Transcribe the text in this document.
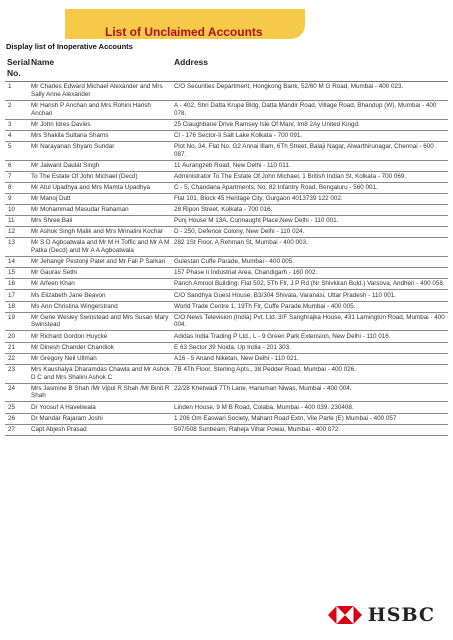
List of Unclaimed Accounts

Display list of Inoperative Accounts

Serial No.	Name	Address
1	Mr Charles Edward Michael Alexander and Mrs Sally Anne Alexander	C/O Securities Department, Hongkong Bank, 52/60 M G Road, Mumbai - 400 023.
2	Mr Harish P Anchan and Mrs Rohini Harish Anchan	A - 402, Shri Datta Krupa Bldg, Datta Mandir Road, Village Road, Bhandup (W), Mumbai - 400 078.
3	Mr John Idres Davies	25 Claughbane Drive Ramsey Isle Of Man/, Im8 2Ay United Kingd.
4	Mrs Shakila Sultana Shams	Cl - 176 Sector-Ii Salt Lake Kolkata - 700 091.
5	Mr Narayanan Shyam Sundar	Plot No. 34, Flat No. G2 Annai Illam, 6Th Street, Balaji Nagar, Alwarthirunagar, Chennai - 600 087.
6	Mr Jaiwant Daulat Singh	11 Aurangzeb Road, New Delhi - 110 011.
7	To The Estate Of John Michael (Decd)	Administrator To The Estate Of John Michael, 1 British Indian St, Kolkata - 700 069.
8	Mr Atul Upadhya and Mrs Mamta Upadhya	C - 5, Chandana Apartments, No. 82 Infantry Road, Bengaluru - 560 001.
9	Mr Manoj Dutt	Flat 101, Block 45 Heritage City, Gurgaon 4013739 122 002.
10	Mr Mohammad Masudar Rahaman	28 Ripon Street, Kolkata - 700 016.
11	Mrs Shree Bali	Punj House M 13A, Connaught Place,New Delhi - 110 001.
12	Mr Ashok Singh Malik and Mrs Mrinalini Kochar	D - 250, Defence Colony, New Delhi - 110 024.
13	Mr S D Agboatwala and Mr M H Toffic and Mr A M Patka (Decd) and Mr A A Agboatwala	282 1St Floor, A Rehman St, Mumbai - 400 003.
14	Mr Jehangir Pestonji Patel and Mr Fali P Sarkari	Gulestan Cuffe Parade, Mumbai - 400 005.
15	Mr Gaurav Sethi	157 Phase Ii Industrial Area, Chandigarh - 160 002.
16	Mr Arfeen Khan	Panch Amrool Building, Flat 502, 5Th Flr, J P Rd (Nr Shivkiran Buld.) Varsova, Andheri - 400 058.
17	Ms Elizabeth Jane Beavon	C/O Sandhya Guest House, B3/304 Shivala, Varanasi, Uttar Pradesh - 110 001.
18	Ms Ann Christina Wingerstrand	World Trade Centre 1, 19Th Flr, Cuffe Parade Mumbai - 400 005.
19	Mr Gene Wesley Swinstead and Mrs Susan Mary Swinstead	C/O News Television (India) Pvt. Ltd. 3/F Sanghrajka House, 431 Lamington Road, Mumbai - 400 004.
20	Mr Richard Gordon Huycke	Adidas India Trading P Ltd., L - 9 Green Park Extension, New Delhi - 110 016.
21	Mr Dinesh Chander Chandiok	E 63 Sector 39 Noida, Up India - 201 303.
22	Mr Gregory Neil Ullman	A16 - 5 Anand Niketan, New Delhi - 110 021.
23	Mrs Kaushalya Dharamdas Chawla and Mr Ashok D C and Mrs Shalini Ashok C	7B 4Th Floor, Sterling Apts., 38 Pedder Road, Mumbai - 400 026.
24	Mrs Jasmine B Shah /Mr Vipul R Shah /Mr Binit R Shah	22/28 Khetwadi 7Th Lane, Hanuman Niwas, Mumbai - 400 004.
25	Dr Yoosuf A Haveliwala	Linden House, 9 M B Road, Colaba, Mumbai - 400 039. 230408.
26	Dr Mandar Rajaram Joshi	1 206 Om Easwari Society, Mahant Road Extn, Vile Parle (E) Mumbai - 400 057
27	Capt Abjesh Prasad	507/508 Sunbeam, Raheja Vihar Powai, Mumbai - 400 072.
HSBC
